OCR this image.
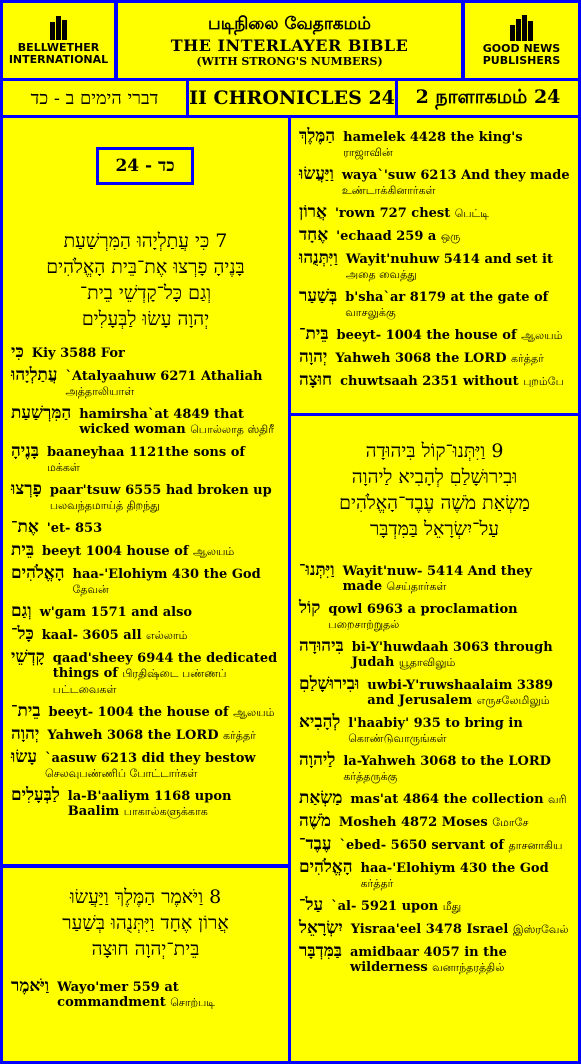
BELLWETHER
INTERNATIONAL
படிநிலை வேதாகமம்
THE INTERLAYER BIBLE
(WITH STRONG'S NUMBERS)
GOOD NEWS
PUBLISHERS
דברי הימים ב - כד II CHRONICLES 24 2 நாளாகமம் 24
7 כִּי עֲתַלְיָהוּ הַמִּרְשַׁעַת
בָּנֶיהָ פָרְצוּ אֶת־בֵּית הָאֱלֹהִים
וְגַם כָּל־קָדְשֵׁי בֵית־
יְהוָה עָשׂוּ לַבְּעָלִים
כִּי Kiy 3588 For
עֲתַלְיָהוּ `Atalyaahuw 6271 Athaliah அத்தாலியாள்
הַמִּרְשַׁעַת hamirsha`at 4849 that wicked woman பொல்லாத ஸ்திரீ
בָּנֶיהָ baaneyhaa 1121the sons of மக்கள்
פָרְצוּ paar'tsuw 6555 had broken up பலவந்தமாய்த் திறந்து
אֶת־ 'et- 853
בֵּית beeyt 1004 house of ஆலயம்
הָאֱלֹהִים haa-'Elohiym 430 the God தேவன்
וְגַם w'gam 1571 and also
כָּל־ kaal- 3605 all எல்லாம்
קָדְשֵׁי qaad'sheey 6944 the dedicated things of பிரதிஷ்டை பண்ணப் பட்டவைகள்
בֵית־ beeyt- 1004 the house of ஆலயம்
יְהוָה Yahweh 3068 the LORD கர்த்தர்
עָשׂוּ `aasuw 6213 did they bestow செலவுபண்ணிப் போட்டார்கள்
לַבְּעָלִים la-B'aaliym 1168 upon Baalim பாகால்களுக்காக
24 - כד
8 וַיֹּאמֶר הַמֶּלֶךְ וַיַּעֲשׂוּ
אֲרוֹן אֶחָד וַיִּתְּנֻהוּ בְּשַׁעַר
בֵּית־יְהוָה חוּצָה
וַיֹּאמֶר Wayo'mer 559 at commandment சொற்படி
הַמֶּלֶךְ hamelek 4428 the king's ராஜாவின்
וַיַּעֲשׂוּ waya`'suw 6213 And they made உண்டாக்கினார்கள்
אֲרוֹן 'rown 727 chest பெட்டி
אֶחָד 'echaad 259 a ஒரு
וַיִּתְּנֻהוּ Wayit'nuhuw 5414 and set it அதை வைத்து
בְּשַׁעַר b'sha`ar 8179 at the gate of வாசலுக்கு
בֵּית־ beeyt- 1004 the house of ஆலயம்
יְהוָה Yahweh 3068 the LORD கர்த்தர்
חוּצָה chuwtsaah 2351 without புறம்பே
9 וַיִּתְּנוּ־קוֹל בִּיהוּדָה
וּבִירוּשָׁלַםִ לְהָבִיא לַיהוָה
מַשְׂאַת מֹשֶׁה עֶבֶד־הָאֱלֹהִים
עַל־יִשְׂרָאֵל בַּמִּדְבָּר
וַיִּתְּנוּ־ Wayit'nuw- 5414 And they made செய்தார்கள்
קוֹל qowl 6963 a proclamation பறைசாற்றுதல்
בִּיהוּדָה bi-Y'huwdaah 3063 through Judah யூதாவிலும்
וּבִירוּשָׁלַםִ uwbi-Y'ruwshaalaim 3389 and Jerusalem எருசலேமிலும்
לְהָבִיא l'haabiy' 935 to bring in கொண்டுவாருங்கள்
לַיהוָה la-Yahweh 3068 to the LORD கர்த்தருக்கு
מַשְׂאַת mas'at 4864 the collection வரி
מֹשֶׁה Mosheh 4872 Moses மோசே
עֶבֶד־ `ebed- 5650 servant of தாசனாகிய
הָאֱלֹהִים haa-'Elohiym 430 the God கர்த்தர்
עַל־ `al- 5921 upon மீது
יִשְׂרָאֵל Yisraa'eel 3478 Israel இஸ்ரவேல்
בַּמִּדְבָּר amidbaar 4057 in the wilderness வனாந்தரத்தில்
